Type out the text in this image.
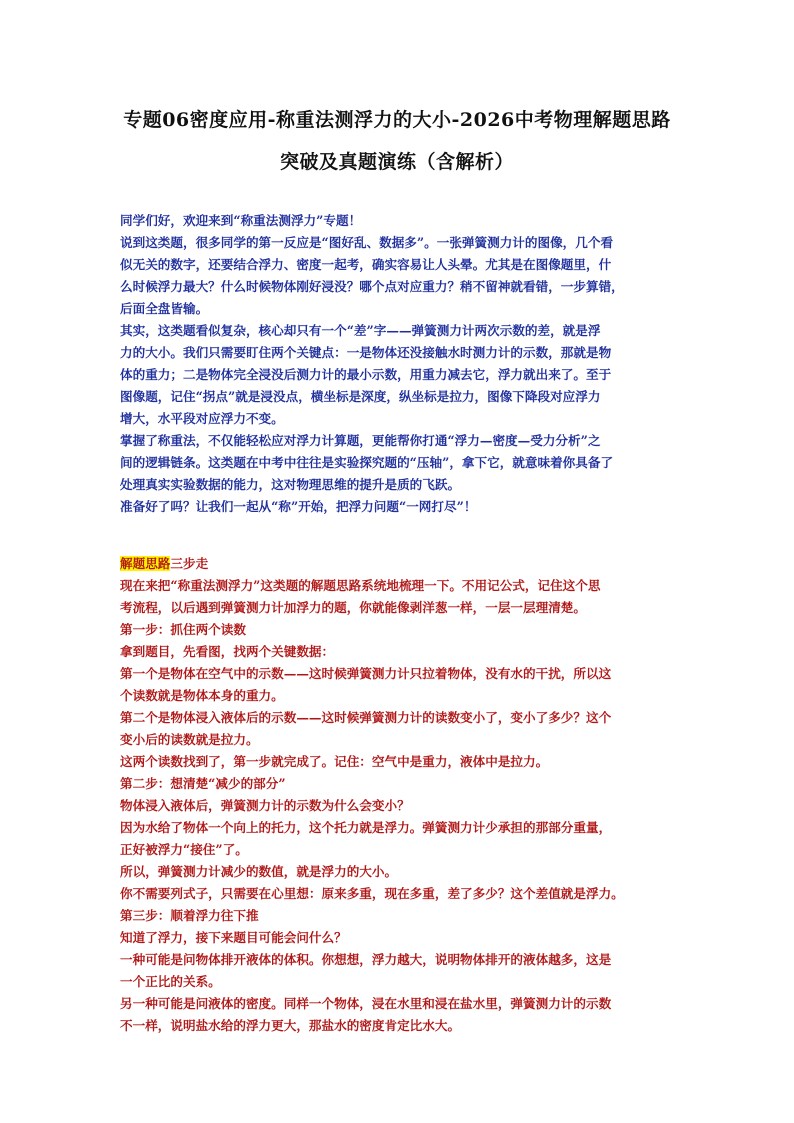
专题06密度应用-称重法测浮力的大小-2026中考物理解题思路
突破及真题演练（含解析）
同学们好，欢迎来到“称重法测浮力”专题！
说到这类题，很多同学的第一反应是“图好乱、数据多”。一张弹簧测力计的图像，几个看
似无关的数字，还要结合浮力、密度一起考，确实容易让人头晕。尤其是在图像题里，什
么时候浮力最大？什么时候物体刚好浸没？哪个点对应重力？稍不留神就看错，一步算错，
后面全盘皆输。
其实，这类题看似复杂，核心却只有一个“差”字——弹簧测力计两次示数的差，就是浮
力的大小。我们只需要盯住两个关键点：一是物体还没接触水时测力计的示数，那就是物
体的重力；二是物体完全浸没后测力计的最小示数，用重力减去它，浮力就出来了。至于
图像题，记住“拐点”就是浸没点，横坐标是深度，纵坐标是拉力，图像下降段对应浮力
增大，水平段对应浮力不变。
掌握了称重法，不仅能轻松应对浮力计算题，更能帮你打通“浮力—密度—受力分析”之
间的逻辑链条。这类题在中考中往往是实验探究题的“压轴”，拿下它，就意味着你具备了
处理真实实验数据的能力，这对物理思维的提升是质的飞跃。
准备好了吗？让我们一起从“称”开始，把浮力问题“一网打尽”！
解题思路三步走
现在来把“称重法测浮力”这类题的解题思路系统地梳理一下。不用记公式，记住这个思
考流程，以后遇到弹簧测力计加浮力的题，你就能像剥洋葱一样，一层一层理清楚。
第一步：抓住两个读数
拿到题目，先看图，找两个关键数据：
第一个是物体在空气中的示数——这时候弹簧测力计只拉着物体，没有水的干扰，所以这
个读数就是物体本身的重力。
第二个是物体浸入液体后的示数——这时候弹簧测力计的读数变小了，变小了多少？这个
变小后的读数就是拉力。
这两个读数找到了，第一步就完成了。记住：空气中是重力，液体中是拉力。
第二步：想清楚“减少的部分”
物体浸入液体后，弹簧测力计的示数为什么会变小？
因为水给了物体一个向上的托力，这个托力就是浮力。弹簧测力计少承担的那部分重量，
正好被浮力“接住”了。
所以，弹簧测力计减少的数值，就是浮力的大小。
你不需要列式子，只需要在心里想：原来多重，现在多重，差了多少？这个差值就是浮力。
第三步：顺着浮力往下推
知道了浮力，接下来题目可能会问什么？
一种可能是问物体排开液体的体积。你想想，浮力越大，说明物体排开的液体越多，这是
一个正比的关系。
另一种可能是问液体的密度。同样一个物体，浸在水里和浸在盐水里，弹簧测力计的示数
不一样，说明盐水给的浮力更大，那盐水的密度肯定比水大。
